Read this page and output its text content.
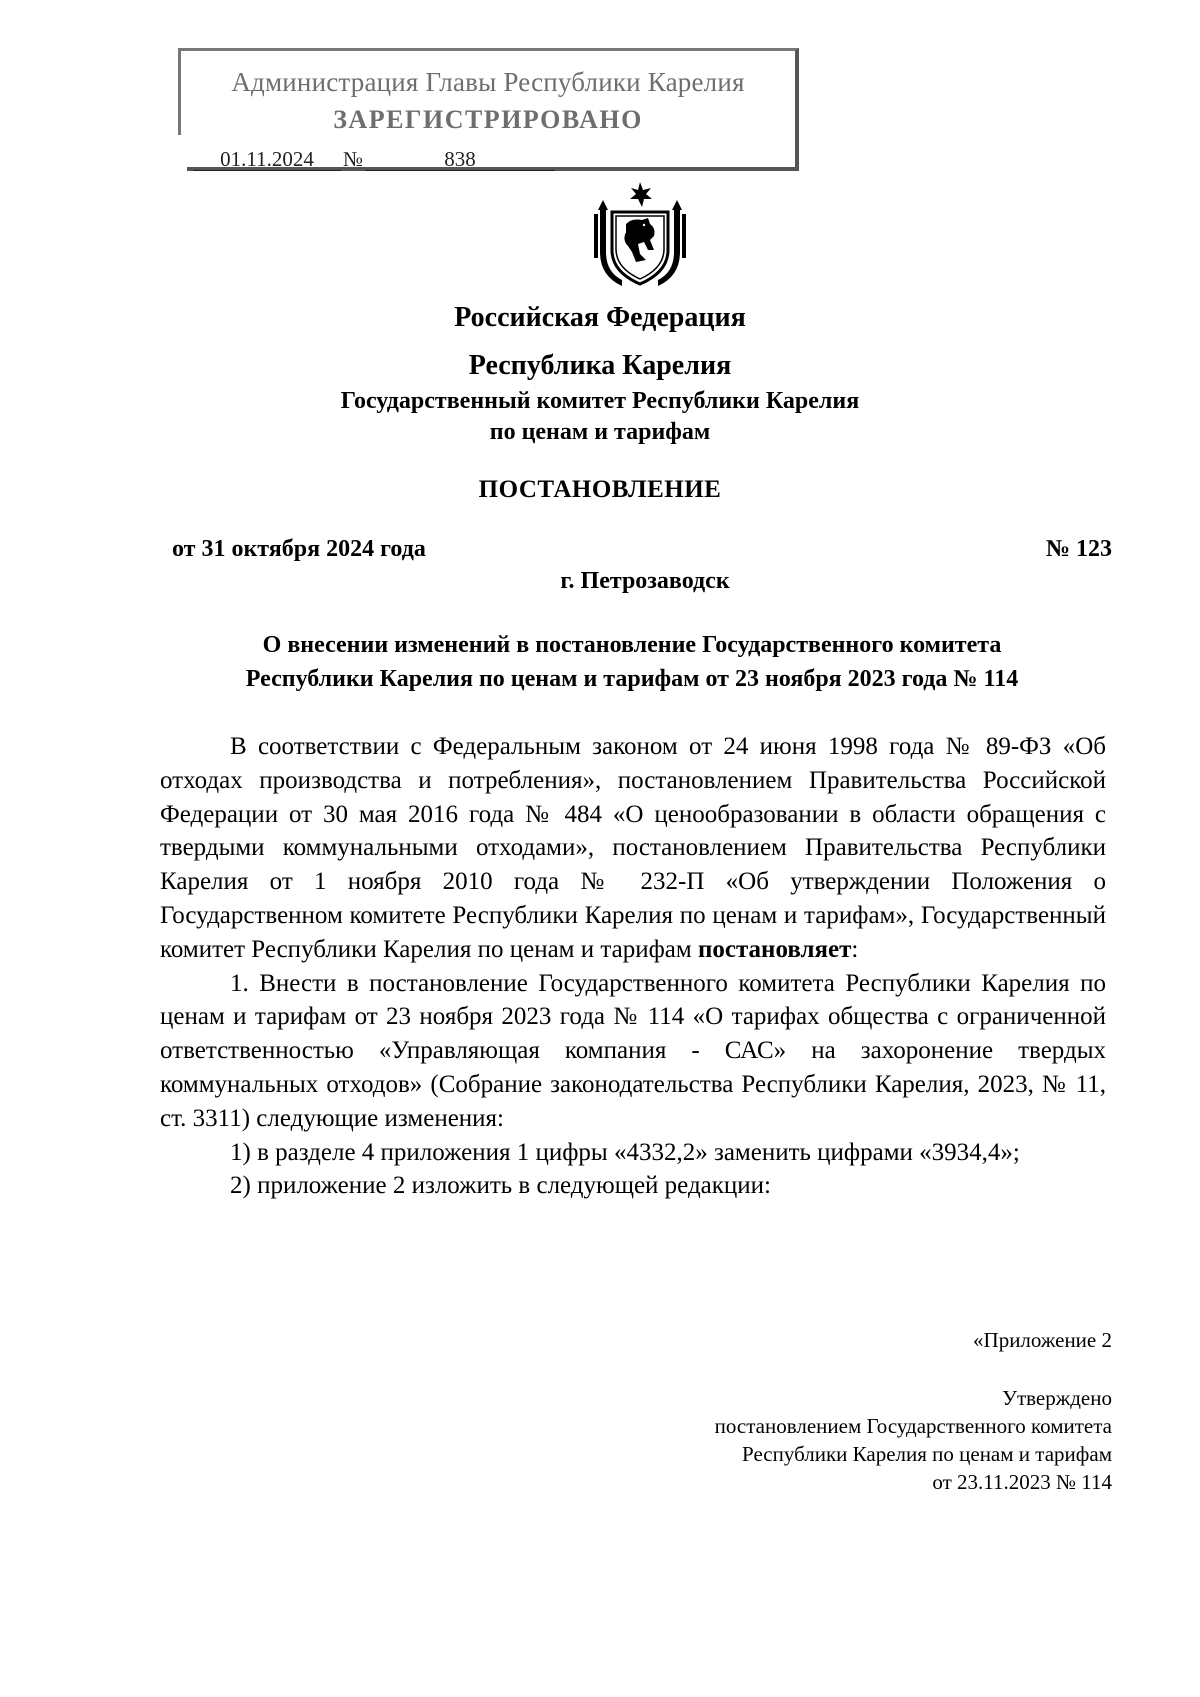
Администрация Главы Республики Карелия
ЗАРЕГИСТРИРОВАНО
01.11.2024 №	838
Российская Федерация
Республика Карелия
Государственный комитет Республики Карелия
по ценам и тарифам
ПОСТАНОВЛЕНИЕ
от 31 октября 2024 года	№ 123
г. Петрозаводск
О внесении изменений в постановление Государственного комитета
Республики Карелия по ценам и тарифам от 23 ноября 2023 года № 114

В соответствии с Федеральным законом от 24 июня 1998 года № 89-ФЗ «Об отходах производства и потребления», постановлением Правительства Российской Федерации от 30 мая 2016 года № 484 «О ценообразовании в области обращения с твердыми коммунальными отходами», постановлением Правительства Республики Карелия от 1 ноября 2010 года № 232-П «Об утверждении Положения о Государственном комитете Республики Карелия по ценам и тарифам», Государственный комитет Республики Карелия по ценам и тарифам постановляет:

1. Внести в постановление Государственного комитета Республики Карелия по ценам и тарифам от 23 ноября 2023 года № 114 «О тарифах общества с ограниченной ответственностью «Управляющая компания - САС» на захоронение твердых коммунальных отходов» (Собрание законодательства Республики Карелия, 2023, № 11, ст. 3311) следующие изменения:

1) в разделе 4 приложения 1 цифры «4332,2» заменить цифрами «3934,4»;

2) приложение 2 изложить в следующей редакции:

«Приложение 2
Утверждено
постановлением Государственного комитета
Республики Карелия по ценам и тарифам
от 23.11.2023 № 114
